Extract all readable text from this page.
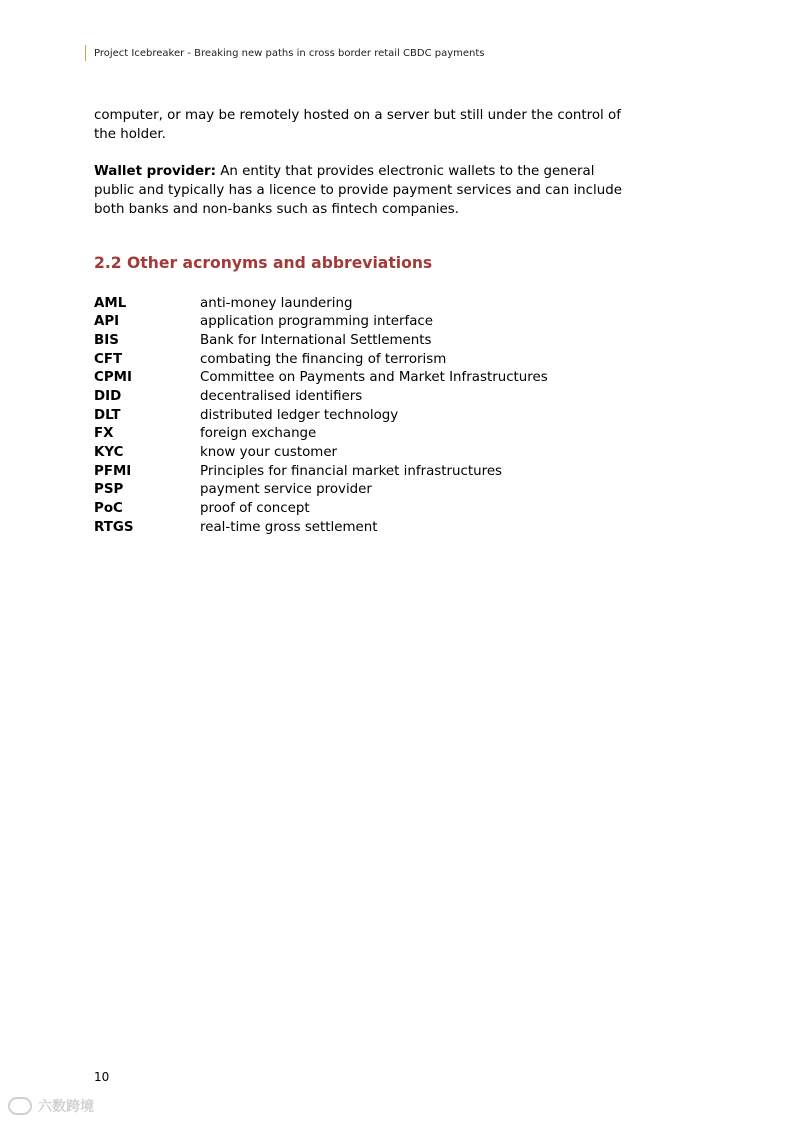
Project Icebreaker - Breaking new paths in cross border retail CBDC payments

computer, or may be remotely hosted on a server but still under the control of the holder.

Wallet provider: An entity that provides electronic wallets to the general public and typically has a licence to provide payment services and can include both banks and non-banks such as fintech companies.

2.2 Other acronyms and abbreviations
AML	anti-money laundering
API	application programming interface
BIS	Bank for International Settlements
CFT	combating the financing of terrorism
CPMI	Committee on Payments and Market Infrastructures
DID	decentralised identifiers
DLT	distributed ledger technology
FX	foreign exchange
KYC	know your customer
PFMI	Principles for financial market infrastructures
PSP	payment service provider
PoC	proof of concept
RTGS	real-time gross settlement
10
六数跨境
